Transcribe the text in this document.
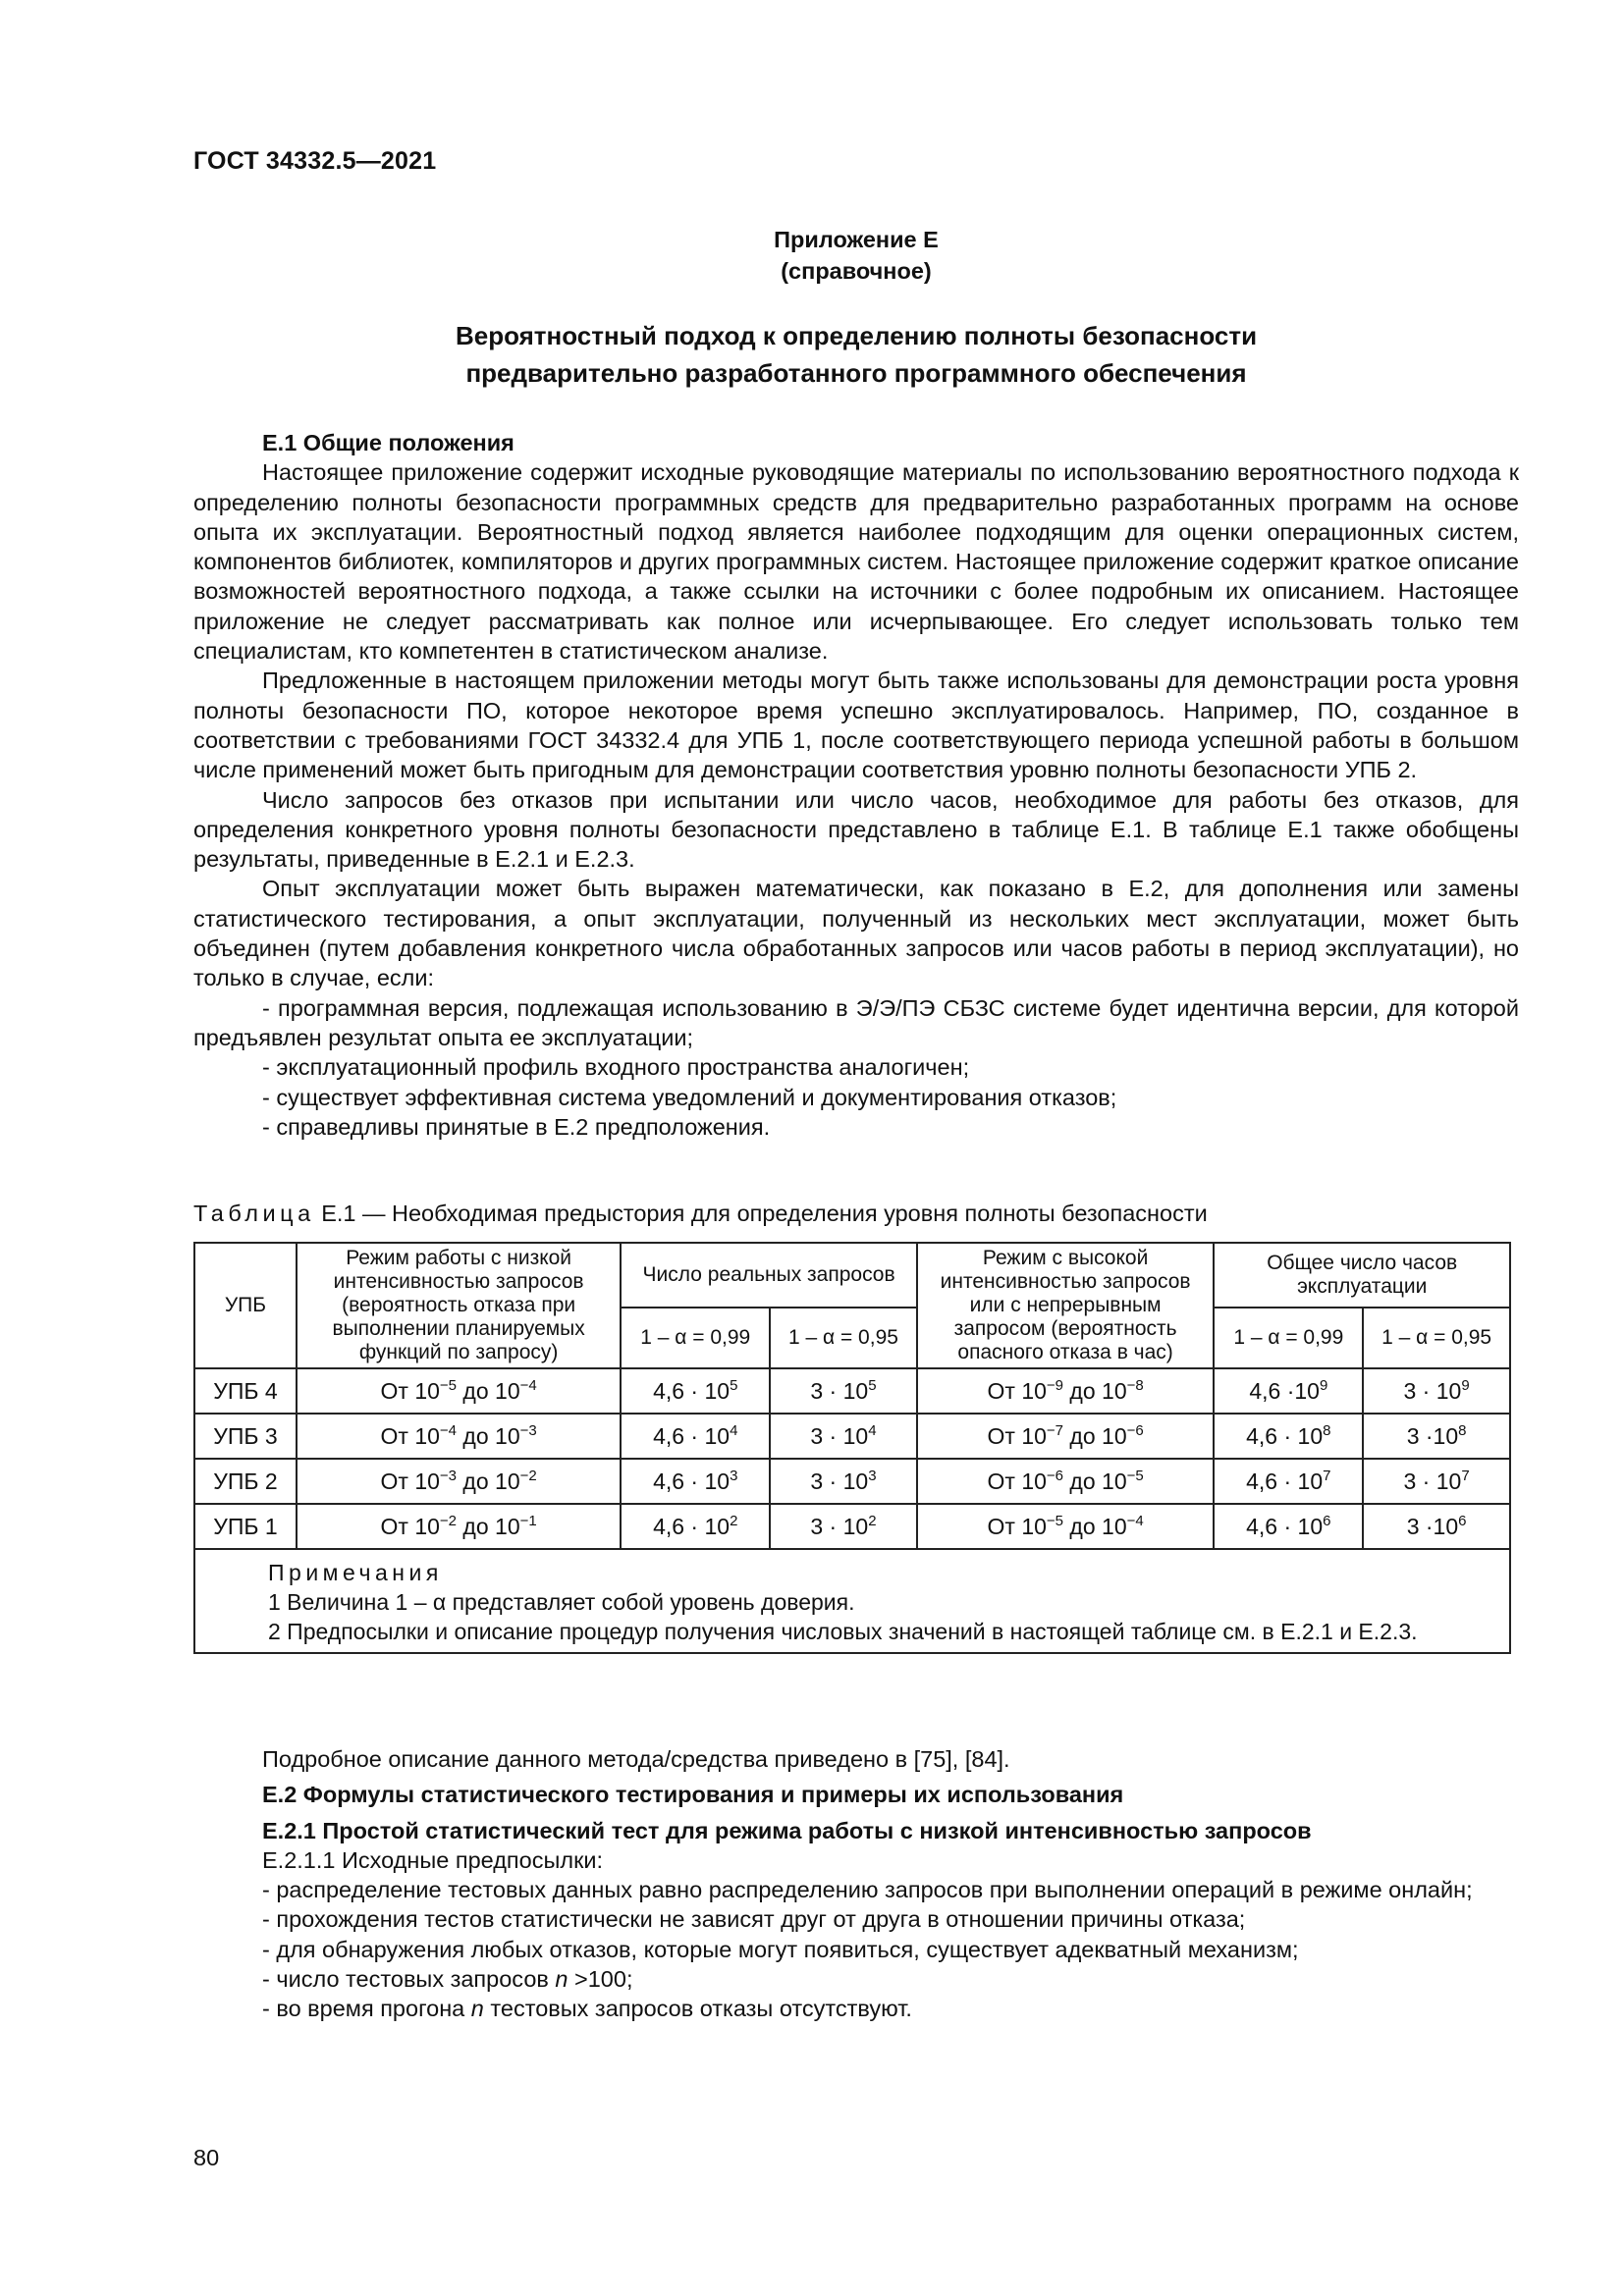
ГОСТ 34332.5—2021
Приложение Е
(справочное)
Вероятностный подход к определению полноты безопасности
предварительно разработанного программного обеспечения
Е.1 Общие положения

Настоящее приложение содержит исходные руководящие материалы по использованию вероятностного подхода к определению полноты безопасности программных средств для предварительно разработанных программ на основе опыта их эксплуатации. Вероятностный подход является наиболее подходящим для оценки операционных систем, компонентов библиотек, компиляторов и других программных систем. Настоящее приложение содержит краткое описание возможностей вероятностного подхода, а также ссылки на источники с более подробным их описанием. Настоящее приложение не следует рассматривать как полное или исчерпывающее. Его следует использовать только тем специалистам, кто компетентен в статистическом анализе.

Предложенные в настоящем приложении методы могут быть также использованы для демонстрации роста уровня полноты безопасности ПО, которое некоторое время успешно эксплуатировалось. Например, ПО, созданное в соответствии с требованиями ГОСТ 34332.4 для УПБ 1, после соответствующего периода успешной работы в большом числе применений может быть пригодным для демонстрации соответствия уровню полноты безопасности УПБ 2.

Число запросов без отказов при испытании или число часов, необходимое для работы без отказов, для определения конкретного уровня полноты безопасности представлено в таблице Е.1. В таблице Е.1 также обобщены результаты, приведенные в Е.2.1 и Е.2.3.

Опыт эксплуатации может быть выражен математически, как показано в Е.2, для дополнения или замены статистического тестирования, а опыт эксплуатации, полученный из нескольких мест эксплуатации, может быть объединен (путем добавления конкретного числа обработанных запросов или часов работы в период эксплуатации), но только в случае, если:

- программная версия, подлежащая использованию в Э/Э/ПЭ СБЗС системе будет идентична версии, для которой предъявлен результат опыта ее эксплуатации;

- эксплуатационный профиль входного пространства аналогичен;

- существует эффективная система уведомлений и документирования отказов;

- справедливы принятые в Е.2 предположения.

Таблица Е.1 — Необходимая предыстория для определения уровня полноты безопасности
УПБ	Режим работы с низкой интенсивностью запросов (вероятность отказа при выполнении планируемых функций по запросу)	Число реальных запросов		Режим с высокой интенсивностью запросов или с непрерывным запросом (вероятность опасного отказа в час)	Общее число часов эксплуатации	
		1 – α = 0,99	1 – α = 0,95		1 – α = 0,99	1 – α = 0,95
УПБ 4	От $10^{-5}$ до $10^{-4}$	$4,6 \cdot 10^5$	$3 \cdot 10^5$	От $10^{-9}$ до $10^{-8}$	$4,6 \cdot 10^9$	$3 \cdot 10^9$
УПБ 3	От $10^{-4}$ до $10^{-3}$	$4,6 \cdot 10^4$	$3 \cdot 10^4$	От $10^{-7}$ до $10^{-6}$	$4,6 \cdot 10^8$	$3 \cdot 10^8$
УПБ 2	От $10^{-3}$ до $10^{-2}$	$4,6 \cdot 10^3$	$3 \cdot 10^3$	От $10^{-6}$ до $10^{-5}$	$4,6 \cdot 10^7$	$3 \cdot 10^7$
УПБ 1	От $10^{-2}$ до $10^{-1}$	$4,6 \cdot 10^2$	$3 \cdot 10^2$	От $10^{-5}$ до $10^{-4}$	$4,6 \cdot 10^6$	$3 \cdot 10^6$

Примечания
1 Величина 1 – α представляет собой уровень доверия.
2 Предпосылки и описание процедур получения числовых значений в настоящей таблице см. в Е.2.1 и Е.2.3.						

Подробное описание данного метода/средства приведено в [75], [84].

Е.2 Формулы статистического тестирования и примеры их использования
Е.2.1 Простой статистический тест для режима работы с низкой интенсивностью запросов

Е.2.1.1 Исходные предпосылки:

- распределение тестовых данных равно распределению запросов при выполнении операций в режиме онлайн;

- прохождения тестов статистически не зависят друг от друга в отношении причины отказа;

- для обнаружения любых отказов, которые могут появиться, существует адекватный механизм;

- число тестовых запросов n >100;

- во время прогона n тестовых запросов отказы отсутствуют.

80
